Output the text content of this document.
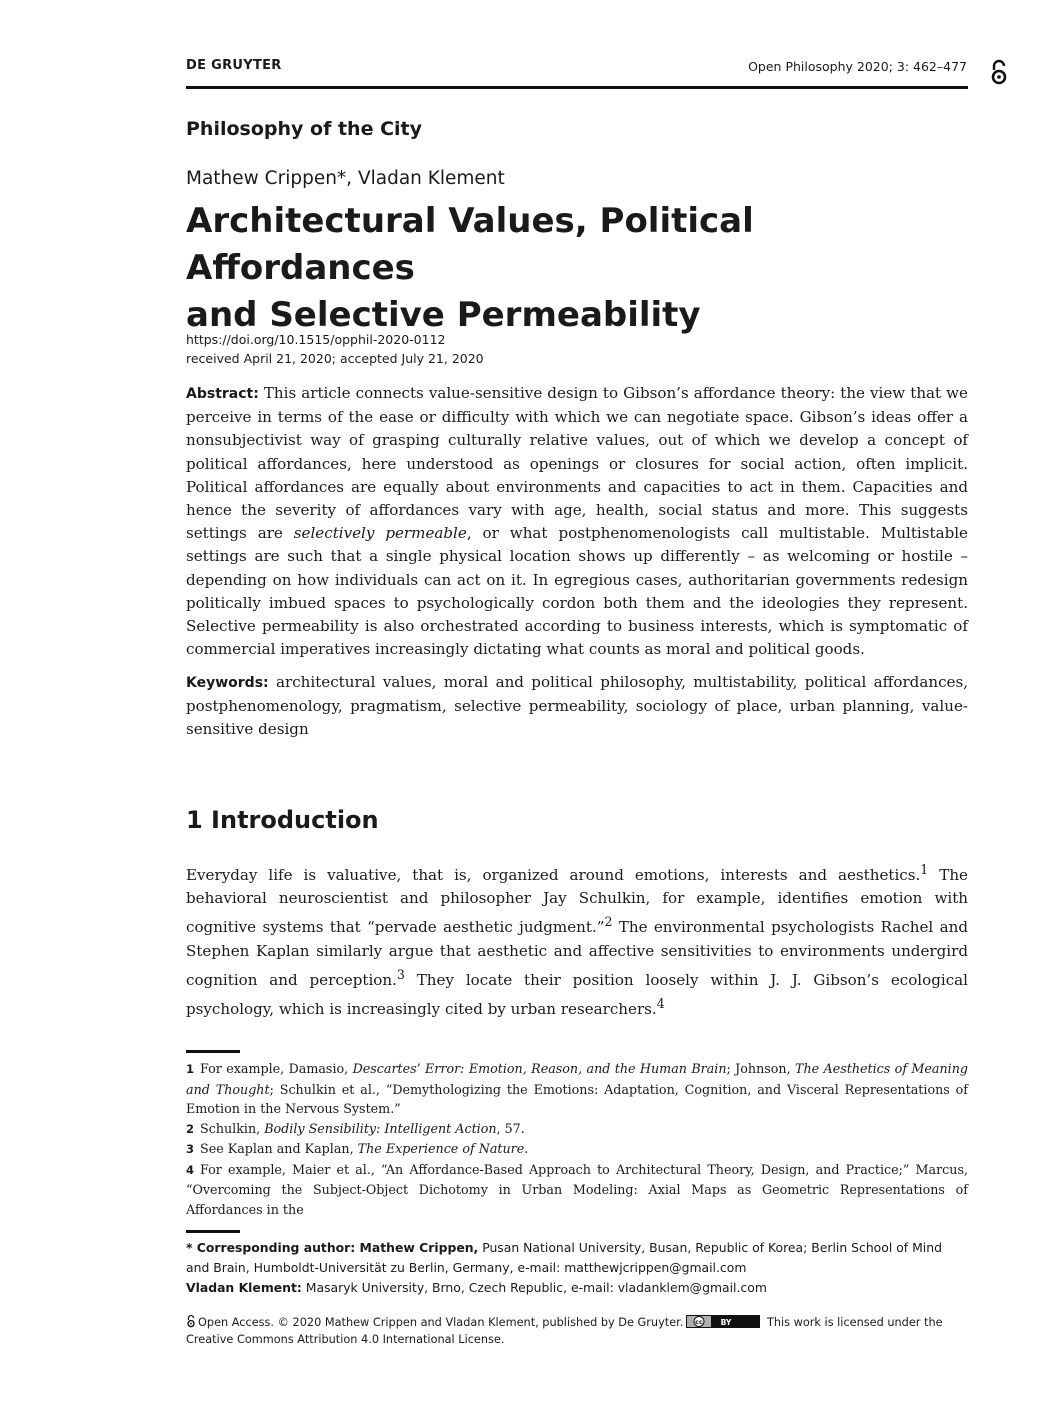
DE GRUYTER	Open Philosophy 2020; 3: 462–477
Philosophy of the City
Mathew Crippen*, Vladan Klement
Architectural Values, Political Affordances
and Selective Permeability
https://doi.org/10.1515/opphil-2020-0112
received April 21, 2020; accepted July 21, 2020
Abstract: This article connects value-sensitive design to Gibson’s affordance theory: the view that we perceive in terms of the ease or difficulty with which we can negotiate space. Gibson’s ideas offer a nonsubjectivist way of grasping culturally relative values, out of which we develop a concept of political affordances, here understood as openings or closures for social action, often implicit. Political affordances are equally about environments and capacities to act in them. Capacities and hence the severity of affordances vary with age, health, social status and more. This suggests settings are selectively permeable, or what postphenomenologists call multistable. Multistable settings are such that a single physical location shows up differently – as welcoming or hostile – depending on how individuals can act on it. In egregious cases, authoritarian governments redesign politically imbued spaces to psychologically cordon both them and the ideologies they represent. Selective permeability is also orchestrated according to business interests, which is symptomatic of commercial imperatives increasingly dictating what counts as moral and political goods.
Keywords: architectural values, moral and political philosophy, multistability, political affordances, postphenomenology, pragmatism, selective permeability, sociology of place, urban planning, value-sensitive design
1 Introduction
Everyday life is valuative, that is, organized around emotions, interests and aesthetics.$^1$ The behavioral neuroscientist and philosopher Jay Schulkin, for example, identifies emotion with cognitive systems that “pervade aesthetic judgment.”$^2$ The environmental psychologists Rachel and Stephen Kaplan similarly argue that aesthetic and affective sensitivities to environments undergird cognition and perception.$^3$ They locate their position loosely within J. J. Gibson’s ecological psychology, which is increasingly cited by urban researchers.$^4$

1 For example, Damasio, Descartes’ Error: Emotion, Reason, and the Human Brain; Johnson, The Aesthetics of Meaning and Thought; Schulkin et al., “Demythologizing the Emotions: Adaptation, Cognition, and Visceral Representations of Emotion in the Nervous System.”

2 Schulkin, Bodily Sensibility: Intelligent Action, 57.

3 See Kaplan and Kaplan, The Experience of Nature.

4 For example, Maier et al., “An Affordance-Based Approach to Architectural Theory, Design, and Practice;” Marcus, “Overcoming the Subject-Object Dichotomy in Urban Modeling: Axial Maps as Geometric Representations of Affordances in the

* Corresponding author: Mathew Crippen, Pusan National University, Busan, Republic of Korea; Berlin School of Mind and Brain, Humboldt-Universität zu Berlin, Germany, e-mail: matthewjcrippen@gmail.com

Vladan Klement: Masaryk University, Brno, Czech Republic, e-mail: vladanklem@gmail.com

Open Access. © 2020 Mathew Crippen and Vladan Klement, published by De Gruyter. cc BY	This work is licensed under the Creative Commons Attribution 4.0 International License.
